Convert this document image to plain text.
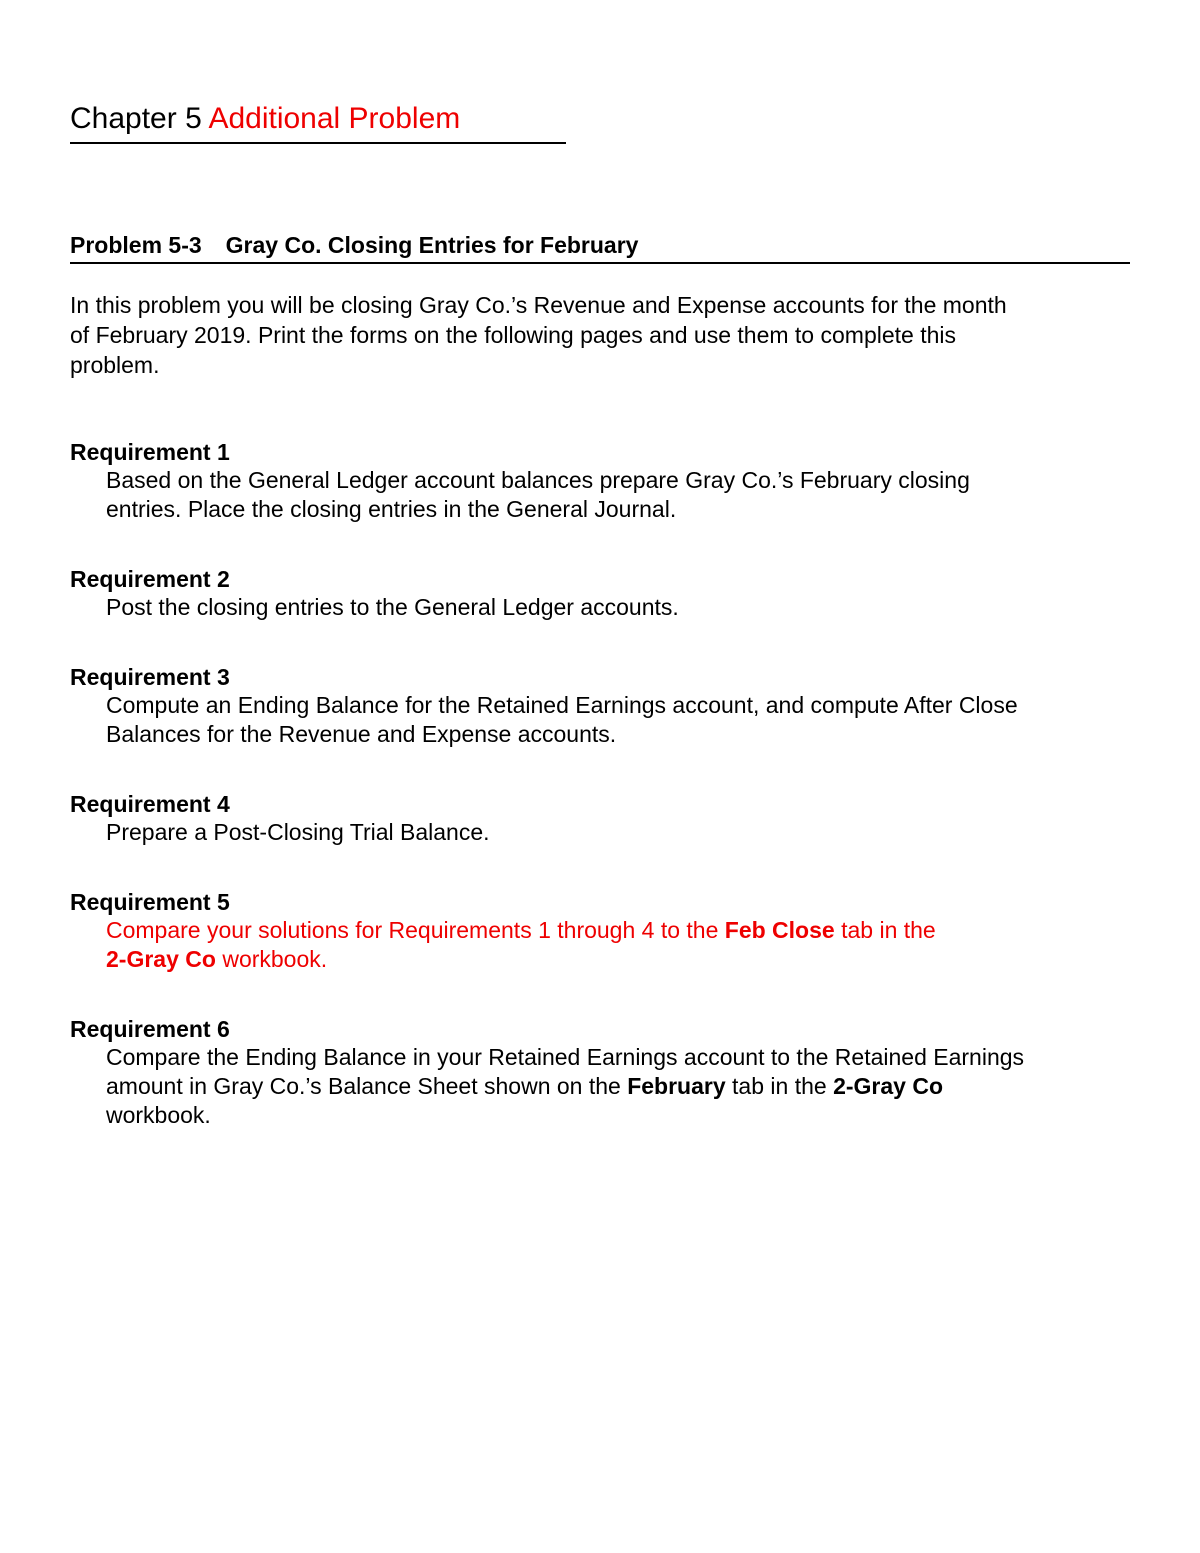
Chapter 5 Additional Problem
Problem 5-3 Gray Co. Closing Entries for February
In this problem you will be closing Gray Co.’s Revenue and Expense accounts for the month
of February 2019. Print the forms on the following pages and use them to complete this
problem.
Requirement 1
Based on the General Ledger account balances prepare Gray Co.’s February closing
entries. Place the closing entries in the General Journal.
Requirement 2
Post the closing entries to the General Ledger accounts.
Requirement 3
Compute an Ending Balance for the Retained Earnings account, and compute After Close
Balances for the Revenue and Expense accounts.
Requirement 4
Prepare a Post-Closing Trial Balance.
Requirement 5
Compare your solutions for Requirements 1 through 4 to the Feb Close tab in the
2-Gray Co workbook.
Requirement 6
Compare the Ending Balance in your Retained Earnings account to the Retained Earnings
amount in Gray Co.’s Balance Sheet shown on the February tab in the 2-Gray Co
workbook.
